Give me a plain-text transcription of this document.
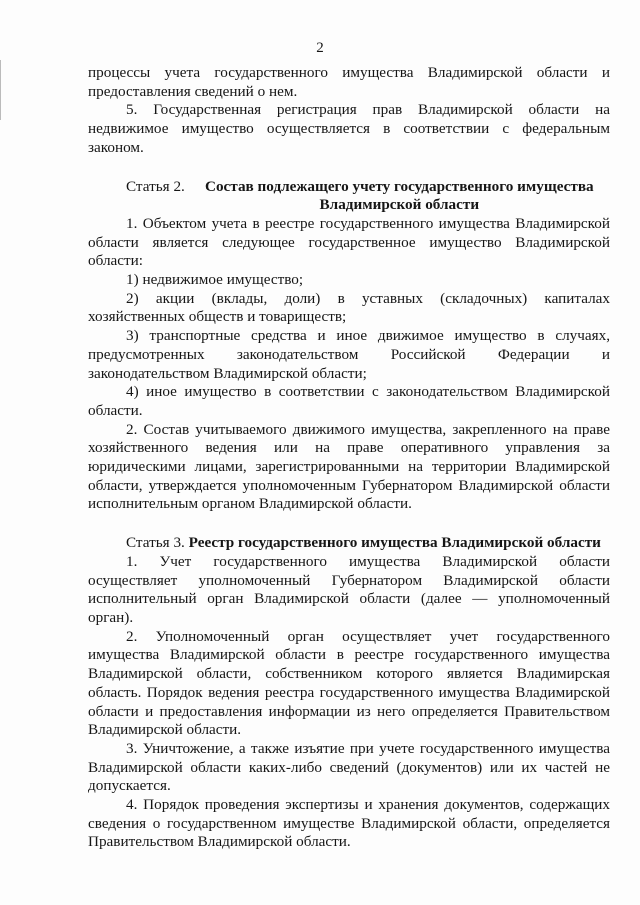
2

процессы учета государственного имущества Владимирской области и предоставления сведений о нем.

5. Государственная регистрация прав Владимирской области на недвижимое имущество осуществляется в соответствии с федеральным законом.

Статья 2.	Состав подлежащего учету государственного имущества Владимирской области

1. Объектом учета в реестре государственного имущества Владимирской области является следующее государственное имущество Владимирской области:

1) недвижимое имущество;

2) акции (вклады, доли) в уставных (складочных) капиталах хозяйственных обществ и товариществ;

3) транспортные средства и иное движимое имущество в случаях, предусмотренных законодательством Российской Федерации и законодательством Владимирской области;

4) иное имущество в соответствии с законодательством Владимирской области.

2. Состав учитываемого движимого имущества, закрепленного на праве хозяйственного ведения или на праве оперативного управления за юридическими лицами, зарегистрированными на территории Владимирской области, утверждается уполномоченным Губернатором Владимирской области исполнительным органом Владимирской области.

Статья 3. Реестр государственного имущества Владимирской области

1. Учет государственного имущества Владимирской области осуществляет уполномоченный Губернатором Владимирской области исполнительный орган Владимирской области (далее — уполномоченный орган).

2. Уполномоченный орган осуществляет учет государственного имущества Владимирской области в реестре государственного имущества Владимирской области, собственником которого является Владимирская область. Порядок ведения реестра государственного имущества Владимирской области и предоставления информации из него определяется Правительством Владимирской области.

3. Уничтожение, а также изъятие при учете государственного имущества Владимирской области каких-либо сведений (документов) или их частей не допускается.

4. Порядок проведения экспертизы и хранения документов, содержащих сведения о государственном имуществе Владимирской области, определяется Правительством Владимирской области.
